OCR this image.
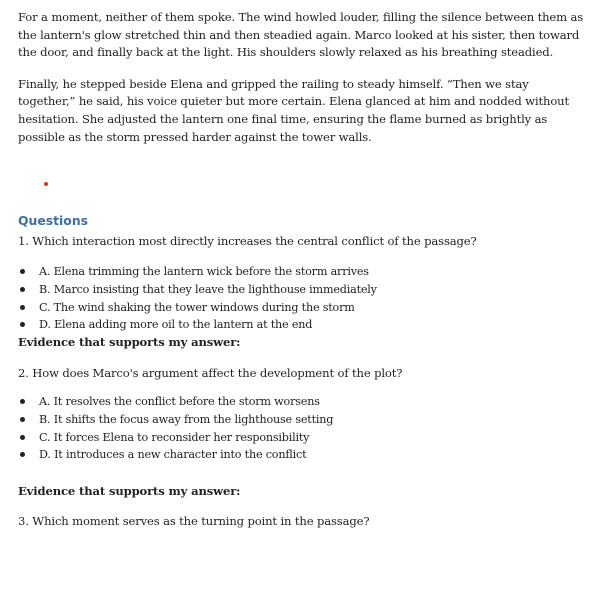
For a moment, neither of them spoke. The wind howled louder, filling the silence between them as the lantern's glow stretched thin and then steadied again. Marco looked at his sister, then toward the door, and finally back at the light. His shoulders slowly relaxed as his breathing steadied.

Finally, he stepped beside Elena and gripped the railing to steady himself. “Then we stay together,” he said, his voice quieter but more certain. Elena glanced at him and nodded without hesitation. She adjusted the lantern one final time, ensuring the flame burned as brightly as possible as the storm pressed harder against the tower walls.

Questions

1. Which interaction most directly increases the central conflict of the passage?

A. Elena trimming the lantern wick before the storm arrives
B. Marco insisting that they leave the lighthouse immediately
C. The wind shaking the tower windows during the storm
D. Elena adding more oil to the lantern at the end
Evidence that supports my answer:

2. How does Marco's argument affect the development of the plot?

A. It resolves the conflict before the storm worsens
B. It shifts the focus away from the lighthouse setting
C. It forces Elena to reconsider her responsibility
D. It introduces a new character into the conflict
Evidence that supports my answer:

3. Which moment serves as the turning point in the passage?
